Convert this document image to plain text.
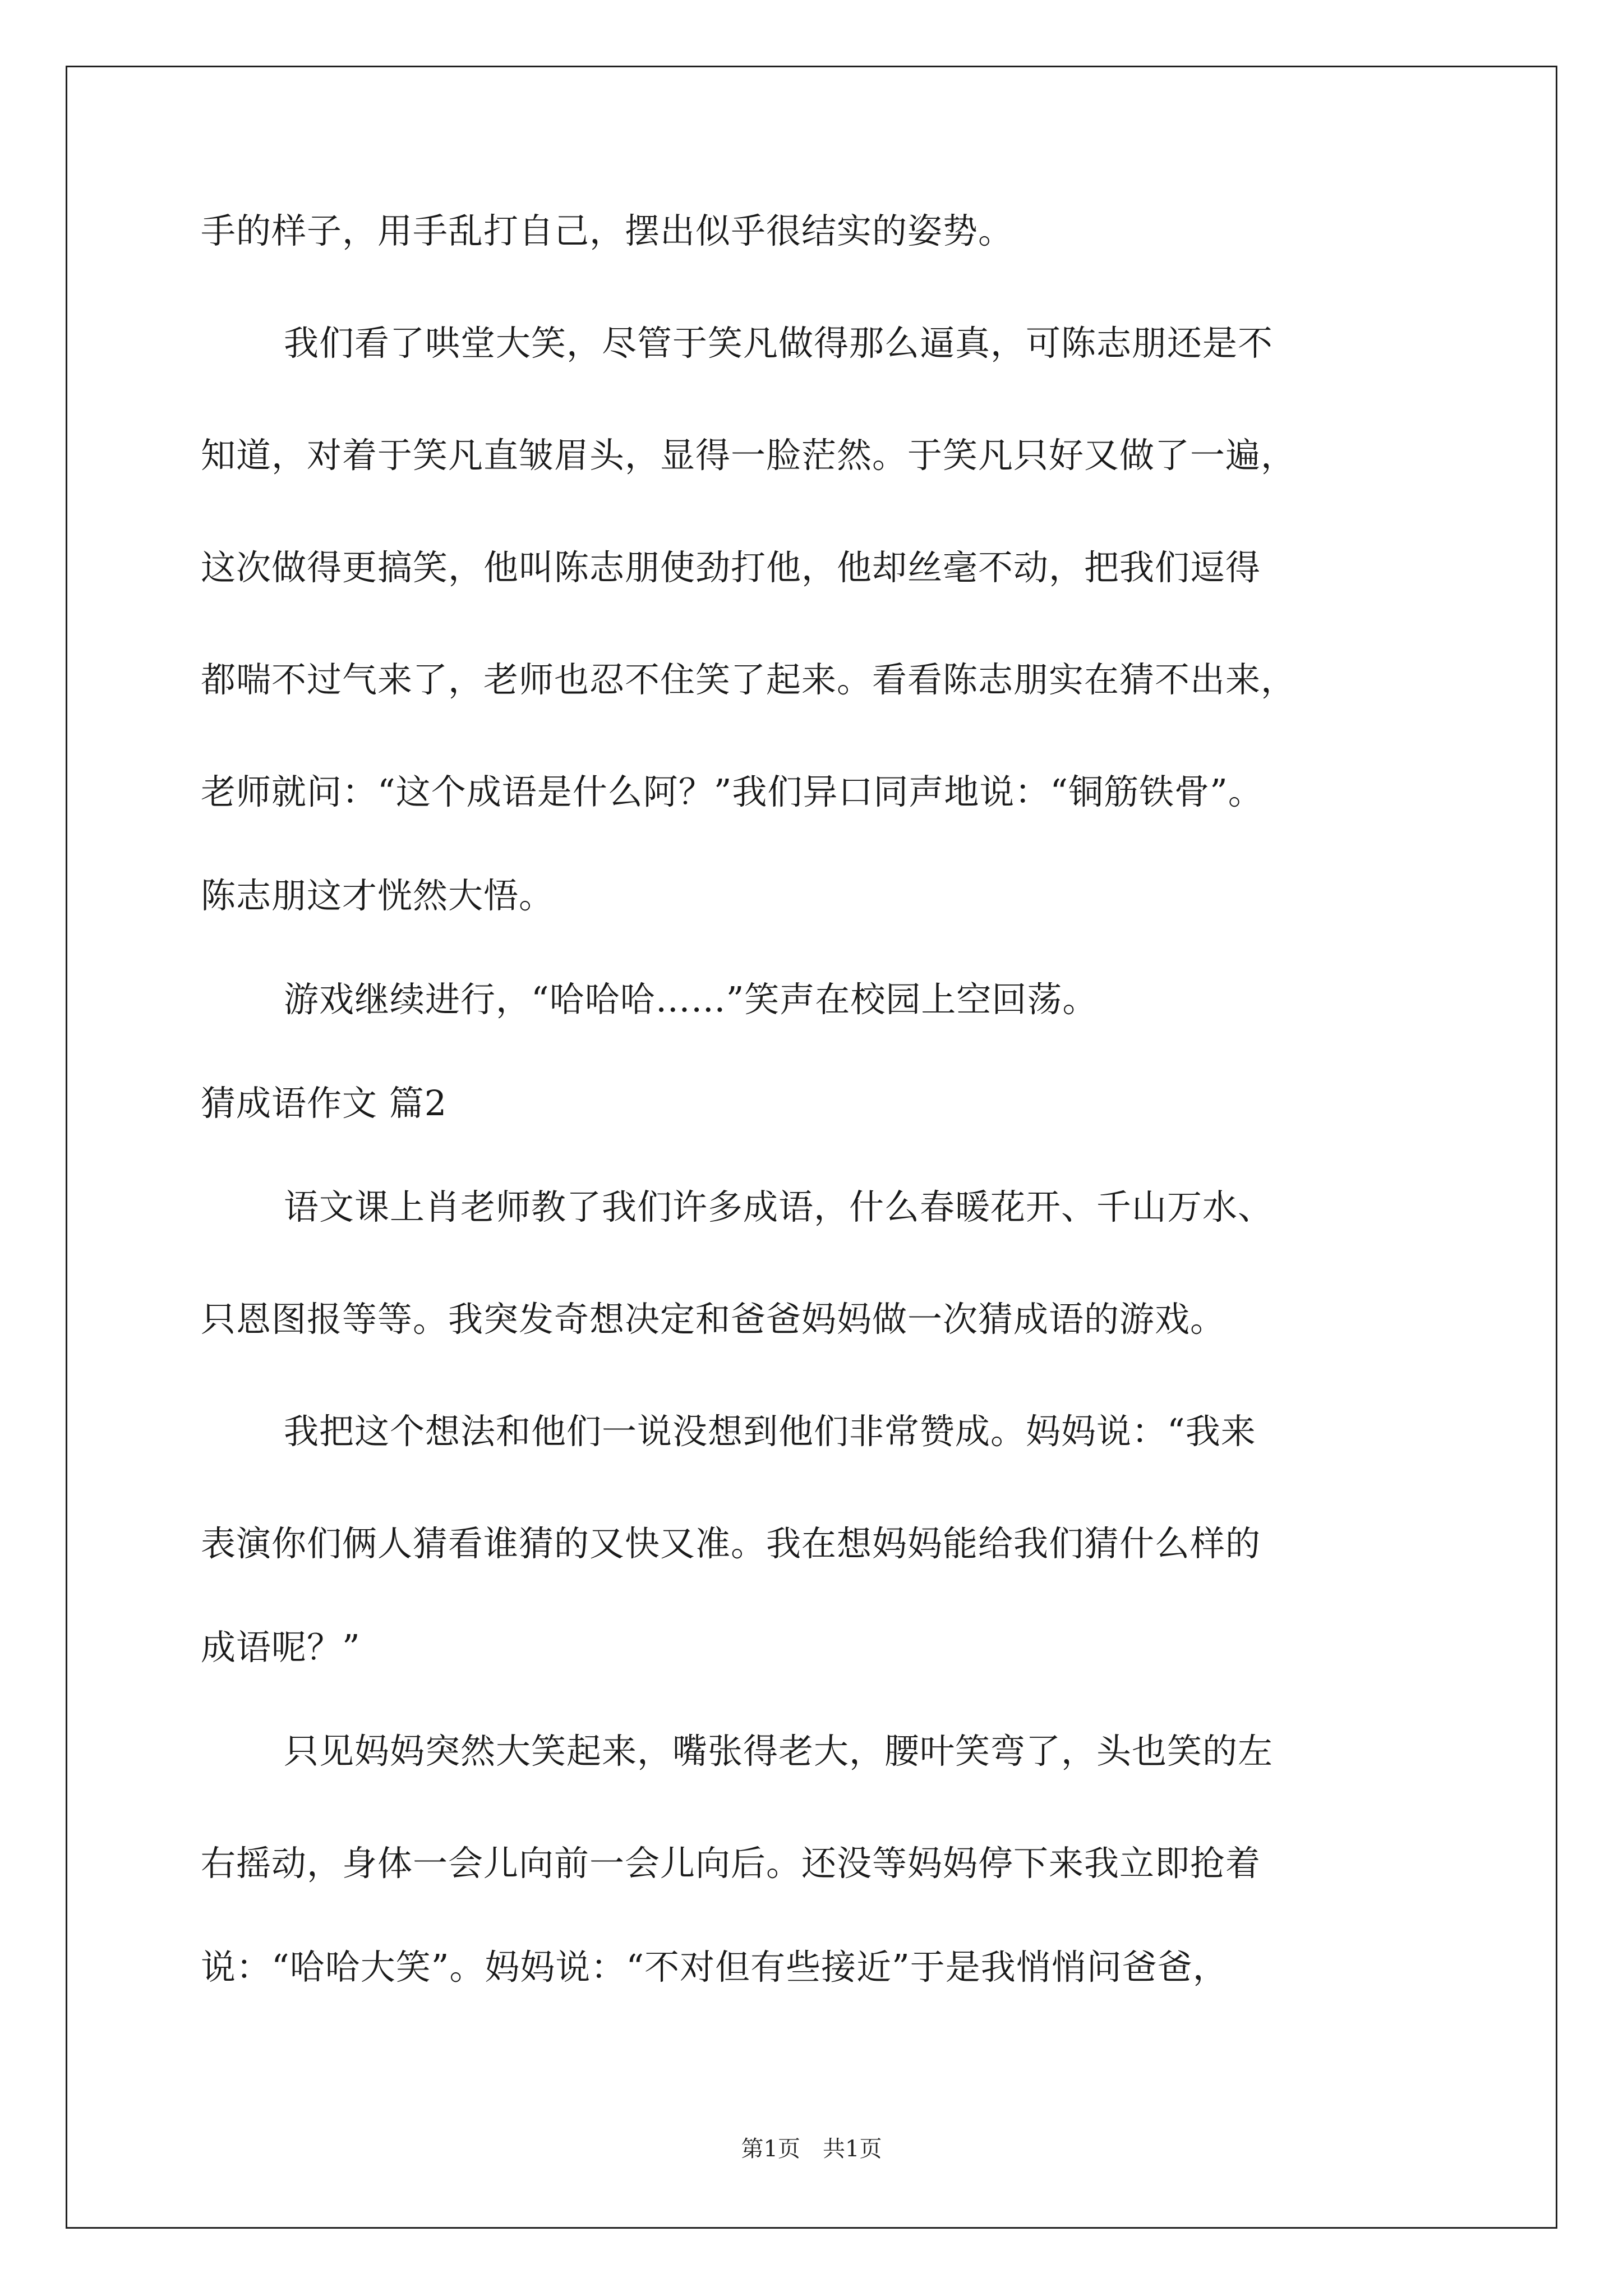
手的样子，用手乱打自己，摆出似乎很结实的姿势。
我们看了哄堂大笑，尽管于笑凡做得那么逼真，可陈志朋还是不
知道，对着于笑凡直皱眉头，显得一脸茫然。于笑凡只好又做了一遍，
这次做得更搞笑，他叫陈志朋使劲打他，他却丝毫不动，把我们逗得
都喘不过气来了，老师也忍不住笑了起来。看看陈志朋实在猜不出来，
老师就问：“这个成语是什么阿？”我们异口同声地说：“铜筋铁骨”。
陈志朋这才恍然大悟。
游戏继续进行，“哈哈哈……”笑声在校园上空回荡。
猜成语作文 篇2
语文课上肖老师教了我们许多成语，什么春暖花开、千山万水、
只恩图报等等。我突发奇想决定和爸爸妈妈做一次猜成语的游戏。
我把这个想法和他们一说没想到他们非常赞成。妈妈说：“我来
表演你们俩人猜看谁猜的又快又准。我在想妈妈能给我们猜什么样的
成语呢？”
只见妈妈突然大笑起来，嘴张得老大，腰叶笑弯了，头也笑的左
右摇动，身体一会儿向前一会儿向后。还没等妈妈停下来我立即抢着
说：“哈哈大笑”。妈妈说：“不对但有些接近”于是我悄悄问爸爸，
第1页　共1页
